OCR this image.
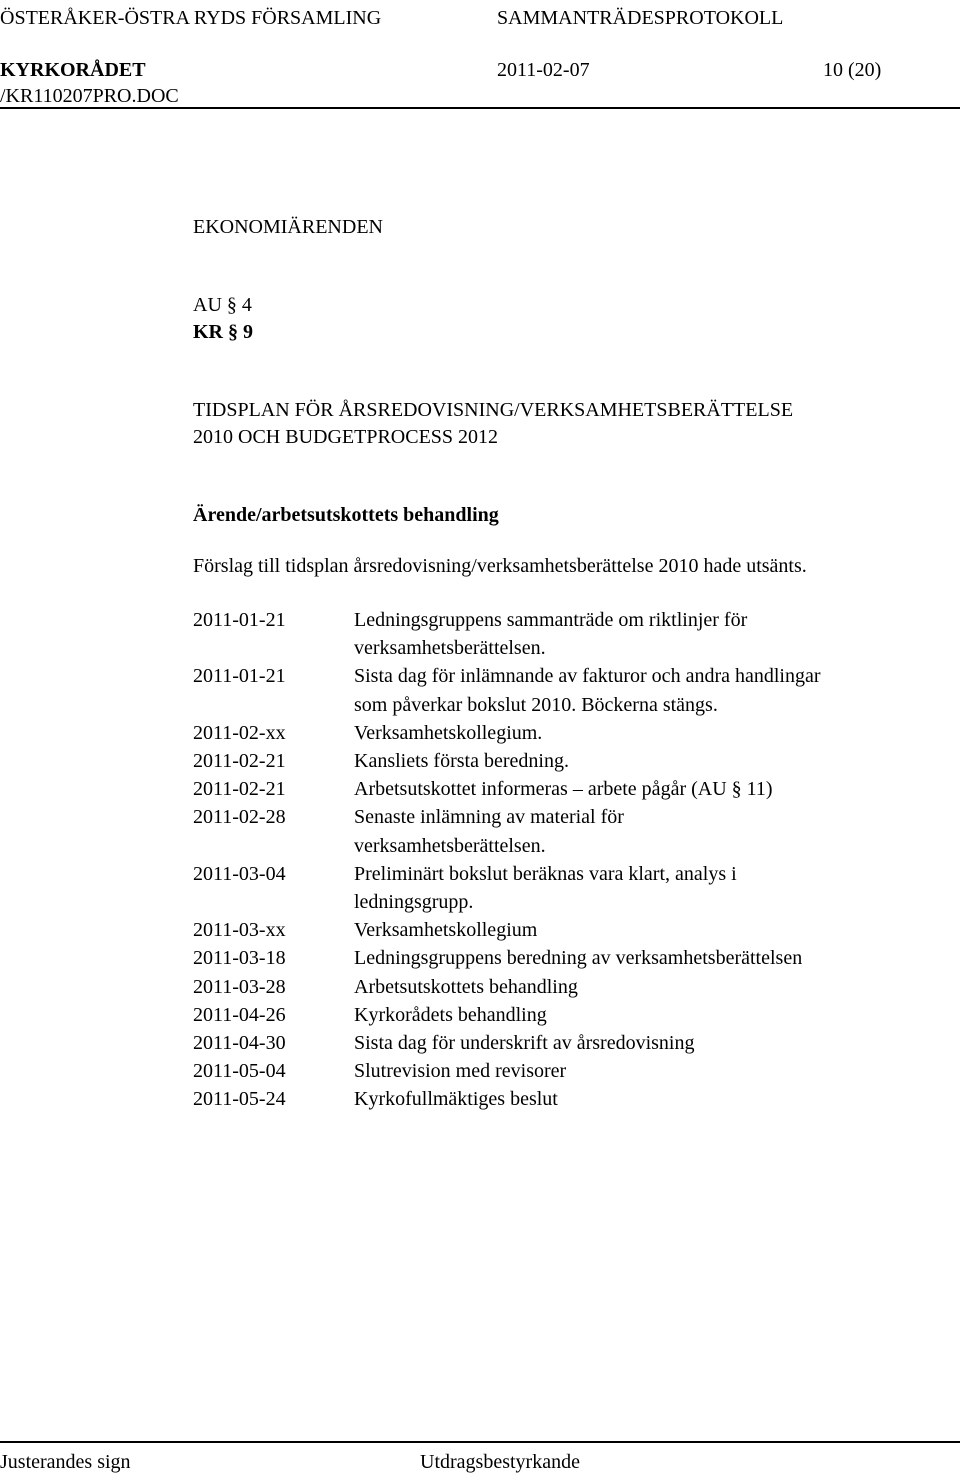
ÖSTERÅKER-ÖSTRA RYDS FÖRSAMLING	SAMMANTRÄDESPROTOKOLL
KYRKORÅDET	2011-02-07	10 (20)
/KR110207PRO.DOC
EKONOMIÄRENDEN
AU § 4
KR § 9
TIDSPLAN FÖR ÅRSREDOVISNING/VERKSAMHETSBERÄTTELSE
2010 OCH BUDGETPROCESS 2012
Ärende/arbetsutskottets behandling
Förslag till tidsplan årsredovisning/verksamhetsberättelse 2010 hade utsänts.
2011-01-21	Ledningsgruppens sammanträde om riktlinjer för verksamhetsberättelsen.
2011-01-21	Sista dag för inlämnande av fakturor och andra handlingar som påverkar bokslut 2010. Böckerna stängs.
2011-02-xx	Verksamhetskollegium.
2011-02-21	Kansliets första beredning.
2011-02-21	Arbetsutskottet informeras – arbete pågår (AU § 11)
2011-02-28	Senaste inlämning av material för verksamhetsberättelsen.
2011-03-04	Preliminärt bokslut beräknas vara klart, analys i ledningsgrupp.
2011-03-xx	Verksamhetskollegium
2011-03-18	Ledningsgruppens beredning av verksamhetsberättelsen
2011-03-28	Arbetsutskottets behandling
2011-04-26	Kyrkorådets behandling
2011-04-30	Sista dag för underskrift av årsredovisning
2011-05-04	Slutrevision med revisorer
2011-05-24	Kyrkofullmäktiges beslut
Justerandes sign	Utdragsbestyrkande
